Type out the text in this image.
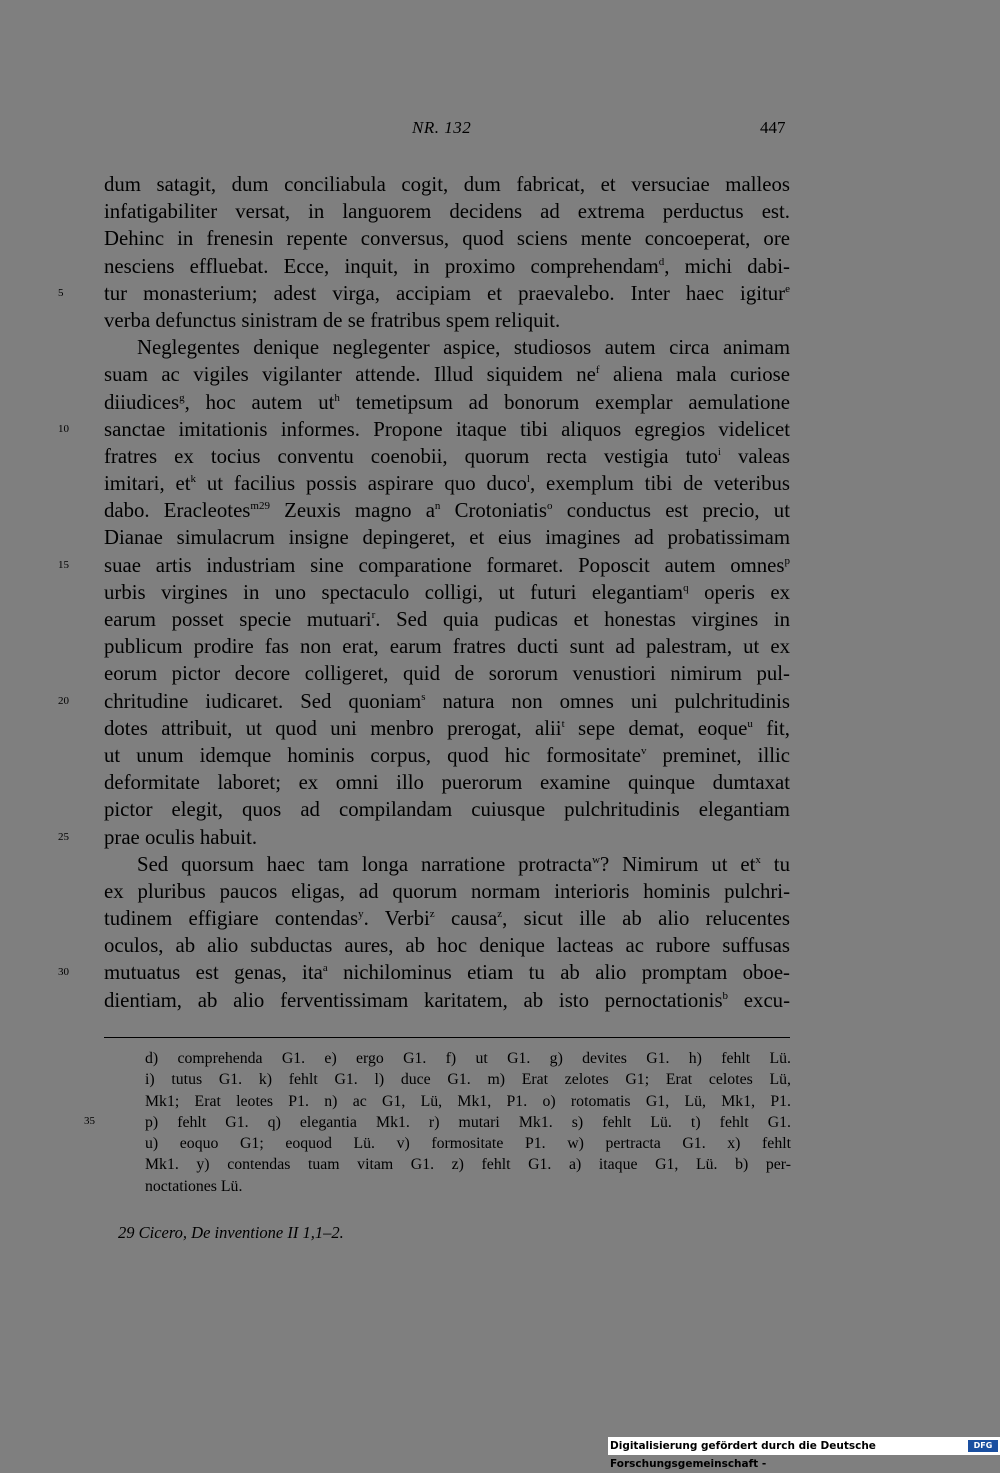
NR. 132	447
dum satagit, dum conciliabula cogit, dum fabricat, et versuciae malleos
infatigabiliter versat, in languorem decidens ad extrema perductus est.
Dehinc in frenesin repente conversus, quod sciens mente concoeperat, ore
nesciens effluebat. Ecce, inquit, in proximo comprehendam$^d$, michi dabi-
5	tur monasterium; adest virga, accipiam et praevalebo. Inter haec igitur$^e$
verba defunctus sinistram de se fratribus spem reliquit.
Neglegentes denique neglegenter aspice, studiosos autem circa animam
suam ac vigiles vigilanter attende. Illud siquidem $ne^f$ aliena mala curiose
diiudices$^g$, hoc autem $ut^h$ temetipsum ad bonorum exemplar aemulatione
10	sanctae imitationis informes. Propone itaque tibi aliquos egregios videlicet
fratres ex tocius conventu coenobii, quorum recta vestigia tuto$^i$ valeas
imitari, $et^k$ ut facilius possis aspirare quo duco$^l$, exemplum tibi de veteribus
dabo. Eracleotes$^{m29}$ Zeuxis magno $a^n$ Crotoniatis$^o$ conductus est precio, ut
Dianae simulacrum insigne depingeret, et eius imagines ad probatissimam
15	suae artis industriam sine comparatione formaret. Poposcit autem omnes$^p$
urbis virgines in uno spectaculo colligi, ut futuri elegantiam$^q$ operis ex
earum posset specie mutuari$^r$. Sed quia pudicas et honestas virgines in
publicum prodire fas non erat, earum fratres ducti sunt ad palestram, ut ex
eorum pictor decore colligeret, quid de sororum venustiori nimirum pul-
20	chritudine iudicaret. Sed quoniam$^s$ natura non omnes uni pulchritudinis
dotes attribuit, ut quod uni menbro prerogat, alii$^t$ sepe demat, eoque$^u$ fit,
ut unum idemque hominis corpus, quod hic formositate$^v$ preminet, illic
deformitate laboret; ex omni illo puerorum examine quinque dumtaxat
pictor elegit, quos ad compilandam cuiusque pulchritudinis elegantiam
25	prae oculis habuit.
Sed quorsum haec tam longa narratione protracta$^w$? Nimirum ut $et^x$ tu
ex pluribus paucos eligas, ad quorum normam interioris hominis pulchri-
tudinem effigiare contendas$^y$. Verbi$^z$ causa$^z$, sicut ille ab alio relucentes
oculos, ab alio subductas aures, ab hoc denique lacteas ac rubore suffusas
30	mutuatus est genas, ita$^a$ nichilominus etiam tu ab alio promptam oboe-
dientiam, ab alio ferventissimam karitatem, ab isto pernoctationis$^b$ excu-
35
d) comprehenda G1. e) ergo G1. f) ut G1. g) devites G1. h) fehlt Lü.
i) tutus G1. k) fehlt G1. l) duce G1. m) Erat zelotes G1; Erat celotes Lü,
Mk1; Erat leotes P1. n) ac G1, Lü, Mk1, P1. o) rotomatis G1, Lü, Mk1, P1.
p) fehlt G1. q) elegantia Mk1. r) mutari Mk1. s) fehlt Lü. t) fehlt G1.
u) eoquo G1; eoquod Lü. v) formositate P1. w) pertracta G1. x) fehlt
Mk1. y) contendas tuam vitam G1. z) fehlt G1. a) itaque G1, Lü. b) per-
noctationes Lü.
29 Cicero, De inventione II 1,1–2.
Digitalisierung gefördert durch die Deutsche Forschungsgemeinschaft -
DFG
